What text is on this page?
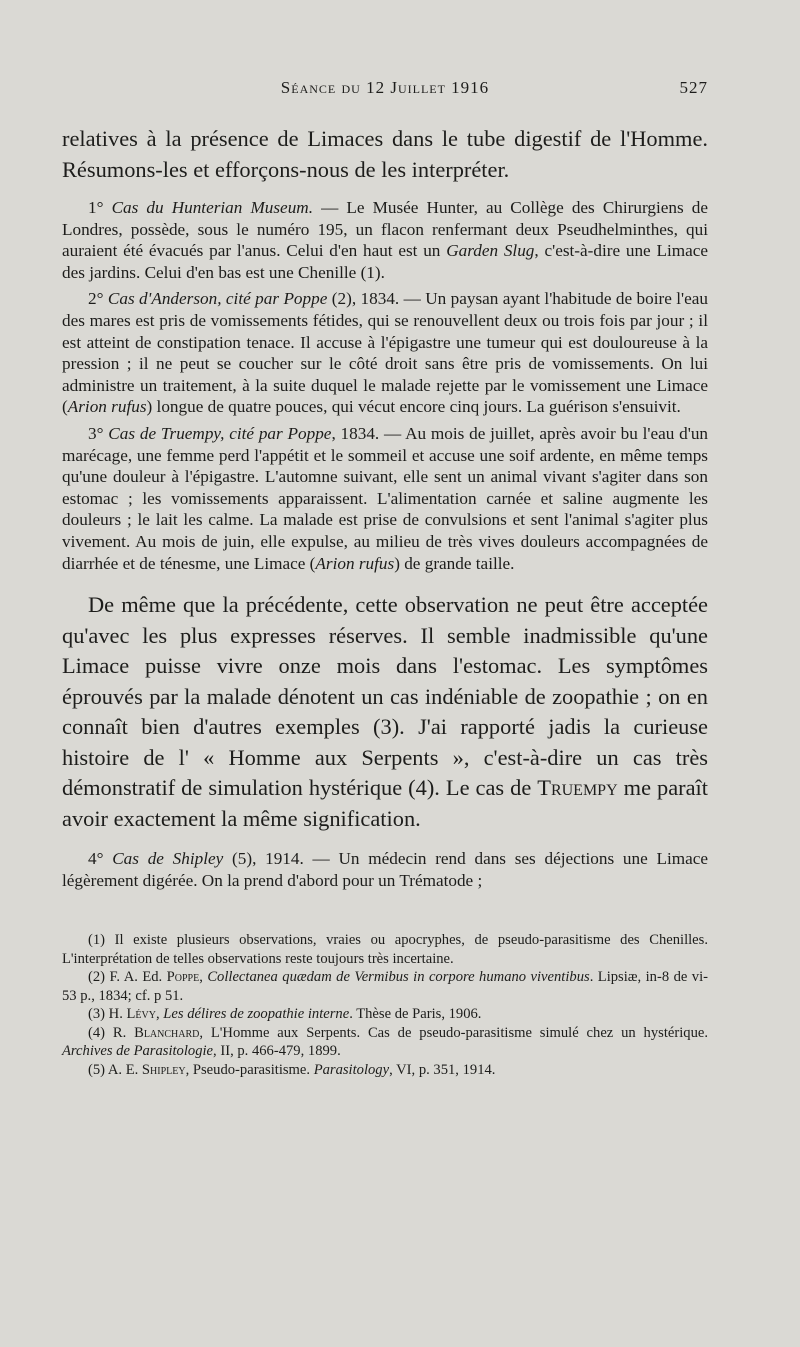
Séance du 12 Juillet 1916	527

relatives à la présence de Limaces dans le tube digestif de l'Homme. Résumons-les et efforçons-nous de les interpréter.

1° Cas du Hunterian Museum. — Le Musée Hunter, au Collège des Chirurgiens de Londres, possède, sous le numéro 195, un flacon renfermant deux Pseudhelminthes, qui auraient été évacués par l'anus. Celui d'en haut est un Garden Slug, c'est-à-dire une Limace des jardins. Celui d'en bas est une Chenille (1).

2° Cas d'Anderson, cité par Poppe (2), 1834. — Un paysan ayant l'habitude de boire l'eau des mares est pris de vomissements fétides, qui se renouvellent deux ou trois fois par jour ; il est atteint de constipation tenace. Il accuse à l'épigastre une tumeur qui est douloureuse à la pression ; il ne peut se coucher sur le côté droit sans être pris de vomissements. On lui administre un traitement, à la suite duquel le malade rejette par le vomissement une Limace (Arion rufus) longue de quatre pouces, qui vécut encore cinq jours. La guérison s'ensuivit.

3° Cas de Truempy, cité par Poppe, 1834. — Au mois de juillet, après avoir bu l'eau d'un marécage, une femme perd l'appétit et le sommeil et accuse une soif ardente, en même temps qu'une douleur à l'épigastre. L'automne suivant, elle sent un animal vivant s'agiter dans son estomac ; les vomissements apparaissent. L'alimentation carnée et saline augmente les douleurs ; le lait les calme. La malade est prise de convulsions et sent l'animal s'agiter plus vivement. Au mois de juin, elle expulse, au milieu de très vives douleurs accompagnées de diarrhée et de ténesme, une Limace (Arion rufus) de grande taille.

De même que la précédente, cette observation ne peut être acceptée qu'avec les plus expresses réserves. Il semble inadmissible qu'une Limace puisse vivre onze mois dans l'estomac. Les symptômes éprouvés par la malade dénotent un cas indéniable de zoopathie ; on en connaît bien d'autres exemples (3). J'ai rapporté jadis la curieuse histoire de l' « Homme aux Serpents », c'est-à-dire un cas très démonstratif de simulation hystérique (4). Le cas de Truempy me paraît avoir exactement la même signification.

4° Cas de Shipley (5), 1914. — Un médecin rend dans ses déjections une Limace légèrement digérée. On la prend d'abord pour un Trématode ;

(1) Il existe plusieurs observations, vraies ou apocryphes, de pseudo-parasitisme des Chenilles. L'interprétation de telles observations reste toujours très incertaine.

(2) F. A. Ed. Poppe, Collectanea quædam de Vermibus in corpore humano viventibus. Lipsiæ, in-8 de vi-53 p., 1834; cf. p 51.

(3) H. Lévy, Les délires de zoopathie interne. Thèse de Paris, 1906.

(4) R. Blanchard, L'Homme aux Serpents. Cas de pseudo-parasitisme simulé chez un hystérique. Archives de Parasitologie, II, p. 466-479, 1899.

(5) A. E. Shipley, Pseudo-parasitisme. Parasitology, VI, p. 351, 1914.
